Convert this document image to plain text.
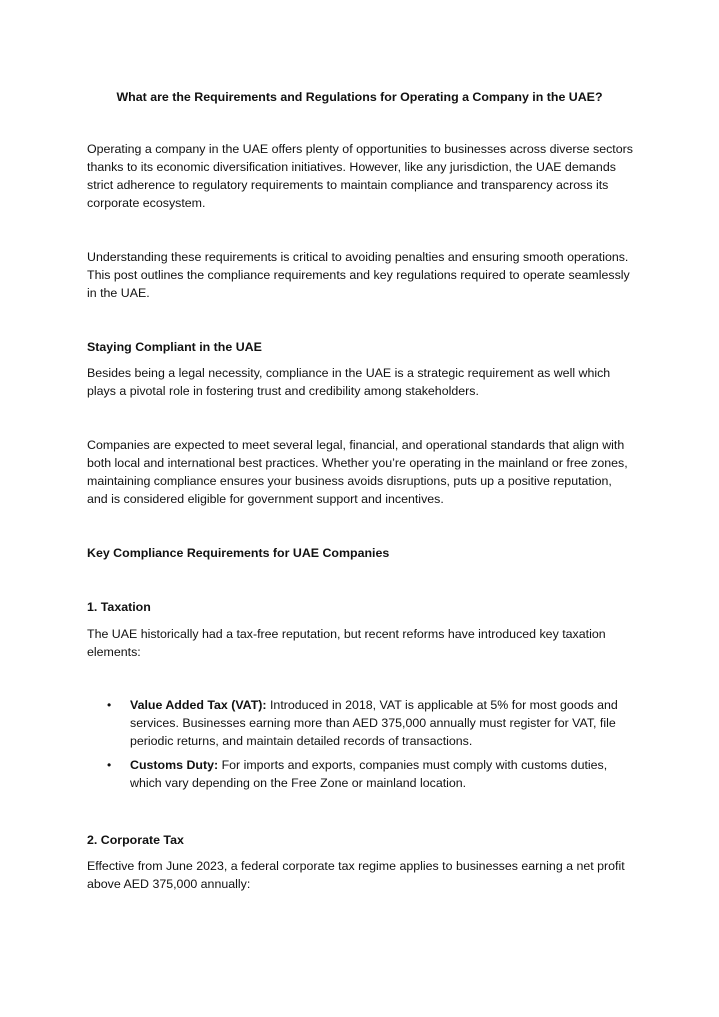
What are the Requirements and Regulations for Operating a Company in the UAE?

Operating a company in the UAE offers plenty of opportunities to businesses across diverse sectors thanks to its economic diversification initiatives. However, like any jurisdiction, the UAE demands strict adherence to regulatory requirements to maintain compliance and transparency across its corporate ecosystem.

Understanding these requirements is critical to avoiding penalties and ensuring smooth operations. This post outlines the compliance requirements and key regulations required to operate seamlessly in the UAE.

Staying Compliant in the UAE

Besides being a legal necessity, compliance in the UAE is a strategic requirement as well which plays a pivotal role in fostering trust and credibility among stakeholders.

Companies are expected to meet several legal, financial, and operational standards that align with both local and international best practices. Whether you’re operating in the mainland or free zones, maintaining compliance ensures your business avoids disruptions, puts up a positive reputation, and is considered eligible for government support and incentives.

Key Compliance Requirements for UAE Companies

1. Taxation

The UAE historically had a tax-free reputation, but recent reforms have introduced key taxation elements:

• Value Added Tax (VAT): Introduced in 2018, VAT is applicable at 5% for most goods and services. Businesses earning more than AED 375,000 annually must register for VAT, file periodic returns, and maintain detailed records of transactions.
• Customs Duty: For imports and exports, companies must comply with customs duties, which vary depending on the Free Zone or mainland location.

2. Corporate Tax

Effective from June 2023, a federal corporate tax regime applies to businesses earning a net profit above AED 375,000 annually:
